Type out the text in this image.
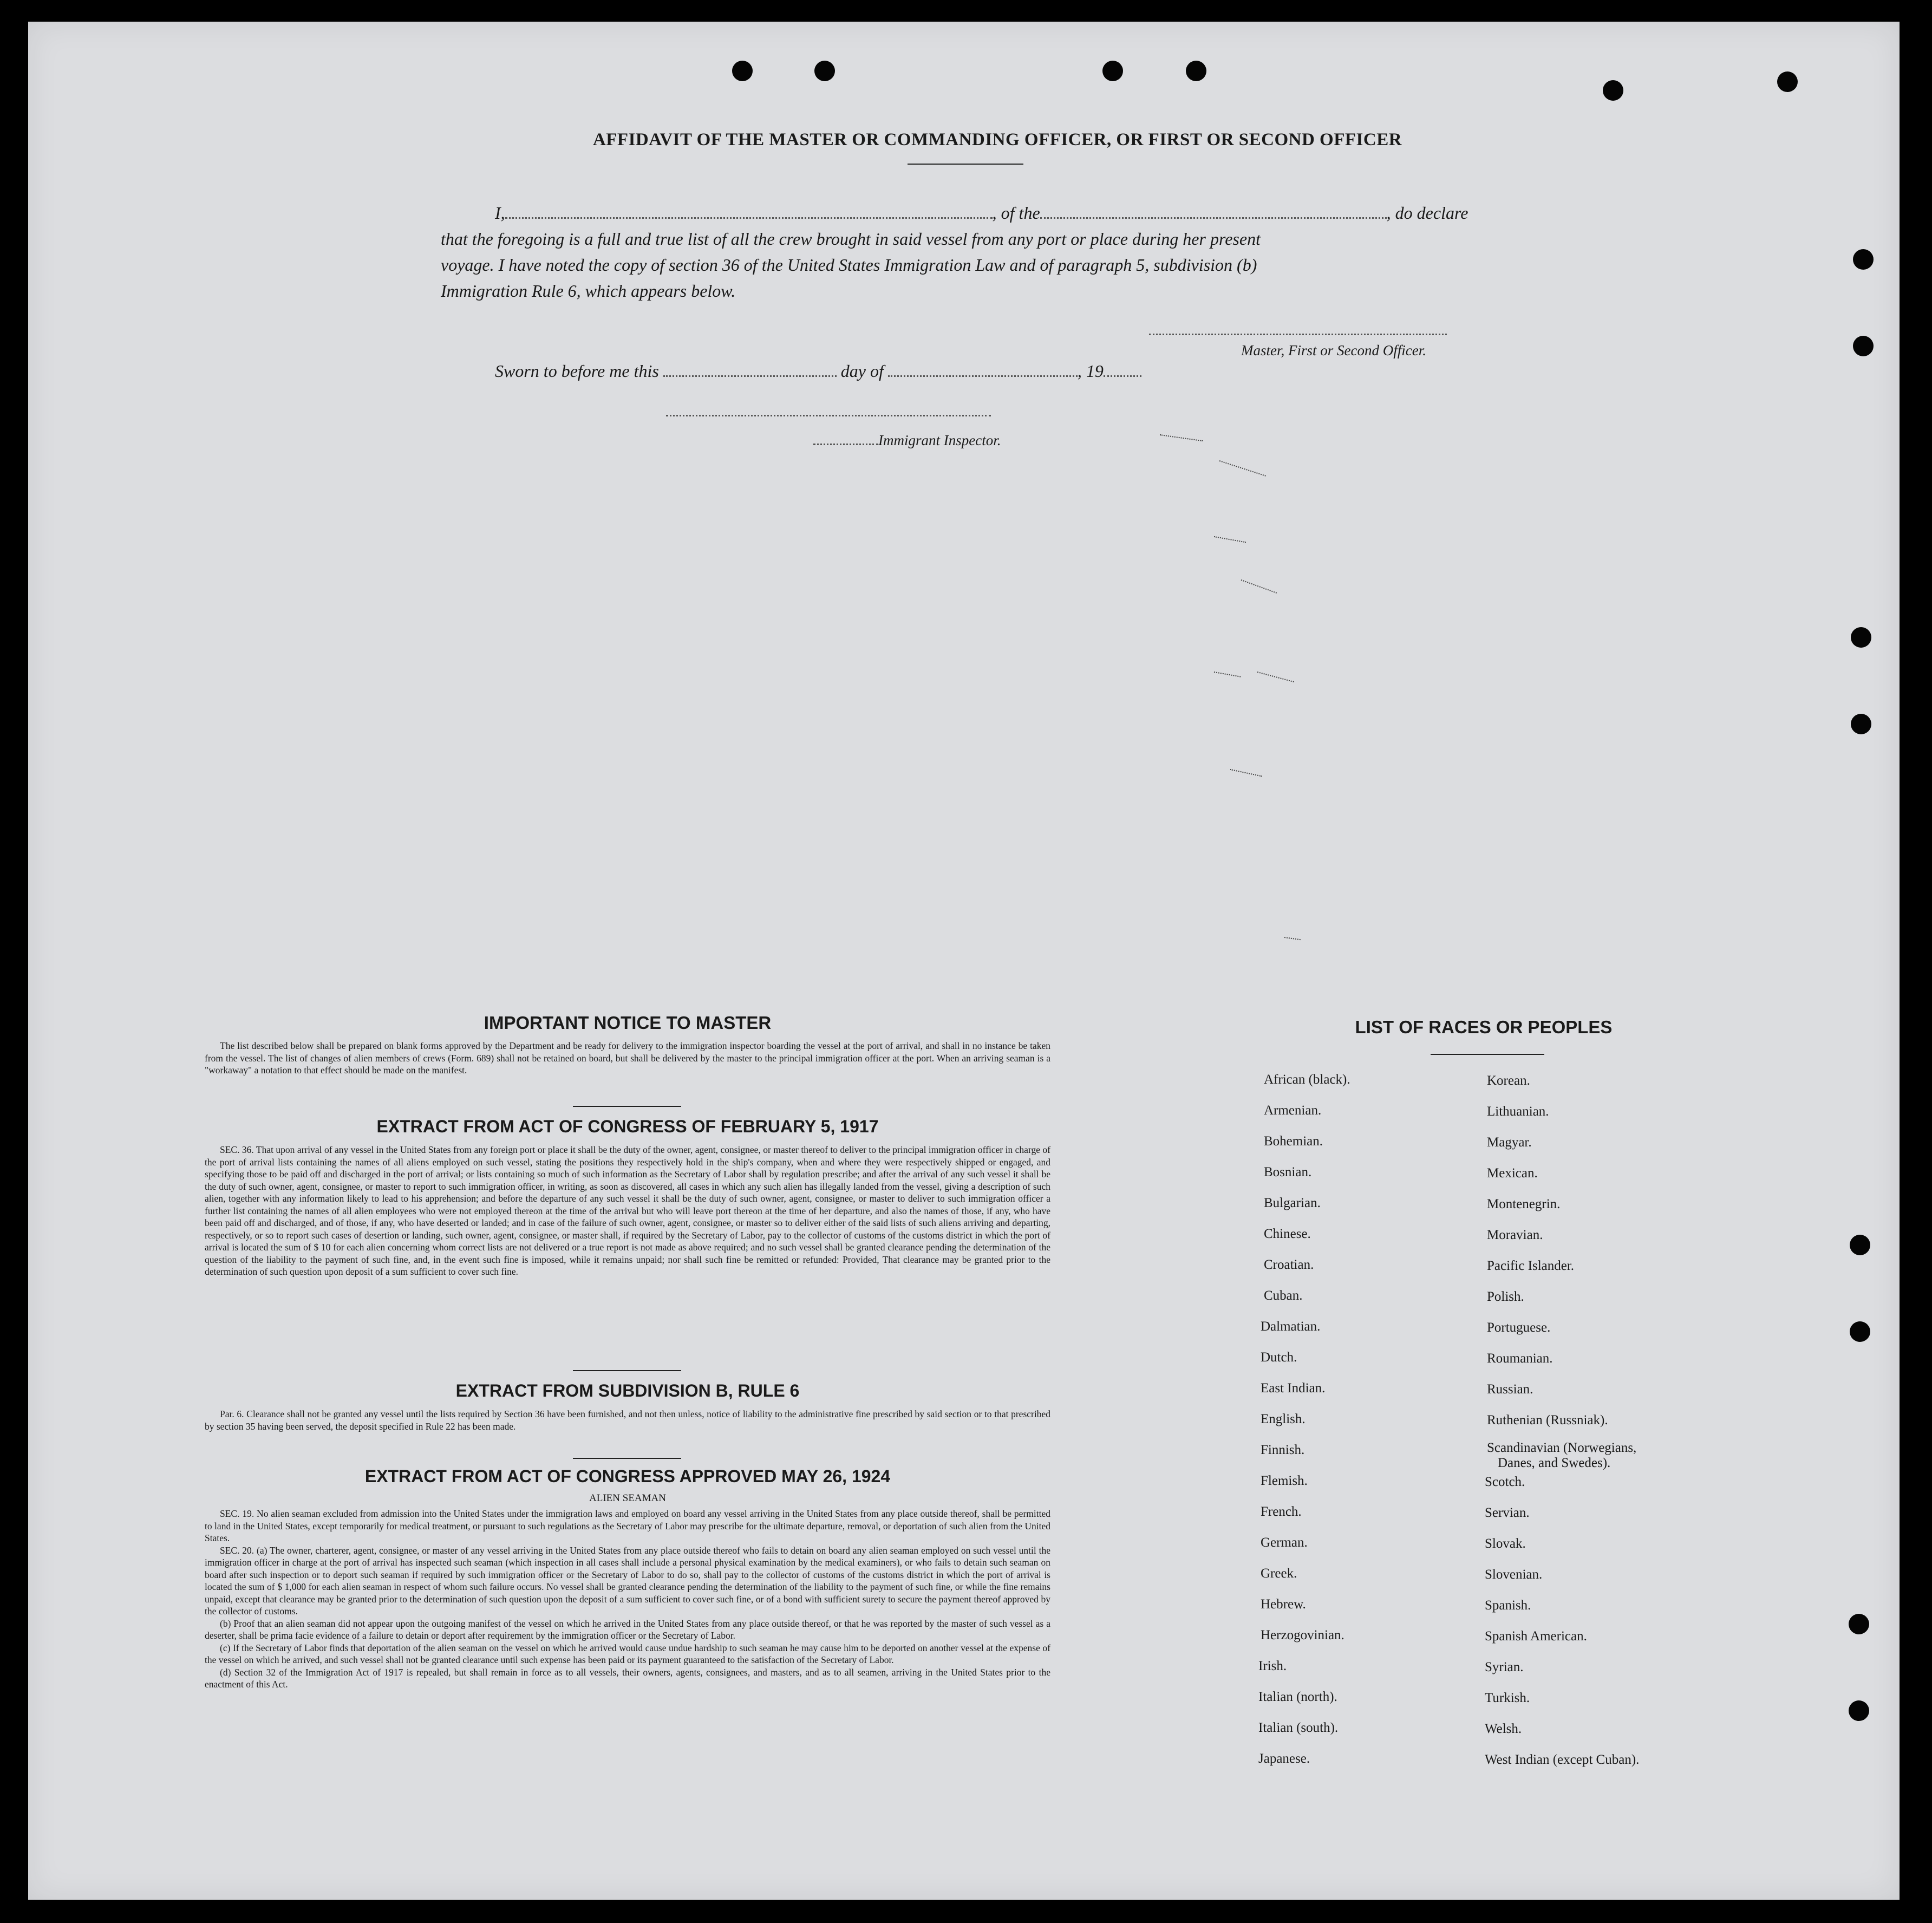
AFFIDAVIT OF THE MASTER OR COMMANDING OFFICER, OR FIRST OR SECOND OFFICER
I,	, of the	, do declare
that the foregoing is a full and true list of all the crew brought in said vessel from any port or place during her present
voyage. I have noted the copy of section 36 of the United States Immigration Law and of paragraph 5, subdivision (b)
Immigration Rule 6, which appears below.
Master, First or Second Officer.
Sworn to before me this	day of	, 19
Immigrant Inspector.
IMPORTANT NOTICE TO MASTER

The list described below shall be prepared on blank forms approved by the Department and be ready for delivery to the immigration inspector boarding the vessel at the port of arrival, and shall in no instance be taken from the vessel. The list of changes of alien members of crews (Form. 689) shall not be retained on board, but shall be delivered by the master to the principal immigration officer at the port. When an arriving seaman is a "workaway" a notation to that effect should be made on the manifest.

EXTRACT FROM ACT OF CONGRESS OF FEBRUARY 5, 1917

SEC. 36. That upon arrival of any vessel in the United States from any foreign port or place it shall be the duty of the owner, agent, consignee, or master thereof to deliver to the principal immigration officer in charge of the port of arrival lists containing the names of all aliens employed on such vessel, stating the positions they respectively hold in the ship's company, when and where they were respectively shipped or engaged, and specifying those to be paid off and discharged in the port of arrival; or lists containing so much of such information as the Secretary of Labor shall by regulation prescribe; and after the arrival of any such vessel it shall be the duty of such owner, agent, consignee, or master to report to such immigration officer, in writing, as soon as discovered, all cases in which any such alien has illegally landed from the vessel, giving a description of such alien, together with any information likely to lead to his apprehension; and before the departure of any such vessel it shall be the duty of such owner, agent, consignee, or master to deliver to such immigration officer a further list containing the names of all alien employees who were not employed thereon at the time of the arrival but who will leave port thereon at the time of her departure, and also the names of those, if any, who have been paid off and discharged, and of those, if any, who have deserted or landed; and in case of the failure of such owner, agent, consignee, or master so to deliver either of the said lists of such aliens arriving and departing, respectively, or so to report such cases of desertion or landing, such owner, agent, consignee, or master shall, if required by the Secretary of Labor, pay to the collector of customs of the customs district in which the port of arrival is located the sum of $ 10 for each alien concerning whom correct lists are not delivered or a true report is not made as above required; and no such vessel shall be granted clearance pending the determination of the question of the liability to the payment of such fine, and, in the event such fine is imposed, while it remains unpaid; nor shall such fine be remitted or refunded: Provided, That clearance may be granted prior to the determination of such question upon deposit of a sum sufficient to cover such fine.

EXTRACT FROM SUBDIVISION B, RULE 6

Par. 6. Clearance shall not be granted any vessel until the lists required by Section 36 have been furnished, and not then unless, notice of liability to the administrative fine prescribed by said section or to that prescribed by section 35 having been served, the deposit specified in Rule 22 has been made.

EXTRACT FROM ACT OF CONGRESS APPROVED MAY 26, 1924
ALIEN SEAMAN

SEC. 19. No alien seaman excluded from admission into the United States under the immigration laws and employed on board any vessel arriving in the United States from any place outside thereof, shall be permitted to land in the United States, except temporarily for medical treatment, or pursuant to such regulations as the Secretary of Labor may prescribe for the ultimate departure, removal, or deportation of such alien from the United States.

SEC. 20. (a) The owner, charterer, agent, consignee, or master of any vessel arriving in the United States from any place outside thereof who fails to detain on board any alien seaman employed on such vessel until the immigration officer in charge at the port of arrival has inspected such seaman (which inspection in all cases shall include a personal physical examination by the medical examiners), or who fails to detain such seaman on board after such inspection or to deport such seaman if required by such immigration officer or the Secretary of Labor to do so, shall pay to the collector of customs of the customs district in which the port of arrival is located the sum of $ 1,000 for each alien seaman in respect of whom such failure occurs. No vessel shall be granted clearance pending the determination of the liability to the payment of such fine, or while the fine remains unpaid, except that clearance may be granted prior to the determination of such question upon the deposit of a sum sufficient to cover such fine, or of a bond with sufficient surety to secure the payment thereof approved by the collector of customs.

(b) Proof that an alien seaman did not appear upon the outgoing manifest of the vessel on which he arrived in the United States from any place outside thereof, or that he was reported by the master of such vessel as a deserter, shall be prima facie evidence of a failure to detain or deport after requirement by the immigration officer or the Secretary of Labor.

(c) If the Secretary of Labor finds that deportation of the alien seaman on the vessel on which he arrived would cause undue hardship to such seaman he may cause him to be deported on another vessel at the expense of the vessel on which he arrived, and such vessel shall not be granted clearance until such expense has been paid or its payment guaranteed to the satisfaction of the Secretary of Labor.

(d) Section 32 of the Immigration Act of 1917 is repealed, but shall remain in force as to all vessels, their owners, agents, consignees, and masters, and as to all seamen, arriving in the United States prior to the enactment of this Act.

LIST OF RACES OR PEOPLES
African (black).
Armenian.
Bohemian.
Bosnian.
Bulgarian.
Chinese.
Croatian.
Cuban.
Dalmatian.
Dutch.
East Indian.
English.
Finnish.
Flemish.
French.
German.
Greek.
Hebrew.
Herzogovinian.
Irish.
Italian (north).
Italian (south).
Japanese.
Korean.
Lithuanian.
Magyar.
Mexican.
Montenegrin.
Moravian.
Pacific Islander.
Polish.
Portuguese.
Roumanian.
Russian.
Ruthenian (Russniak).
Scandinavian (Norwegians,
Danes, and Swedes).
Scotch.
Servian.
Slovak.
Slovenian.
Spanish.
Spanish American.
Syrian.
Turkish.
Welsh.
West Indian (except Cuban).
